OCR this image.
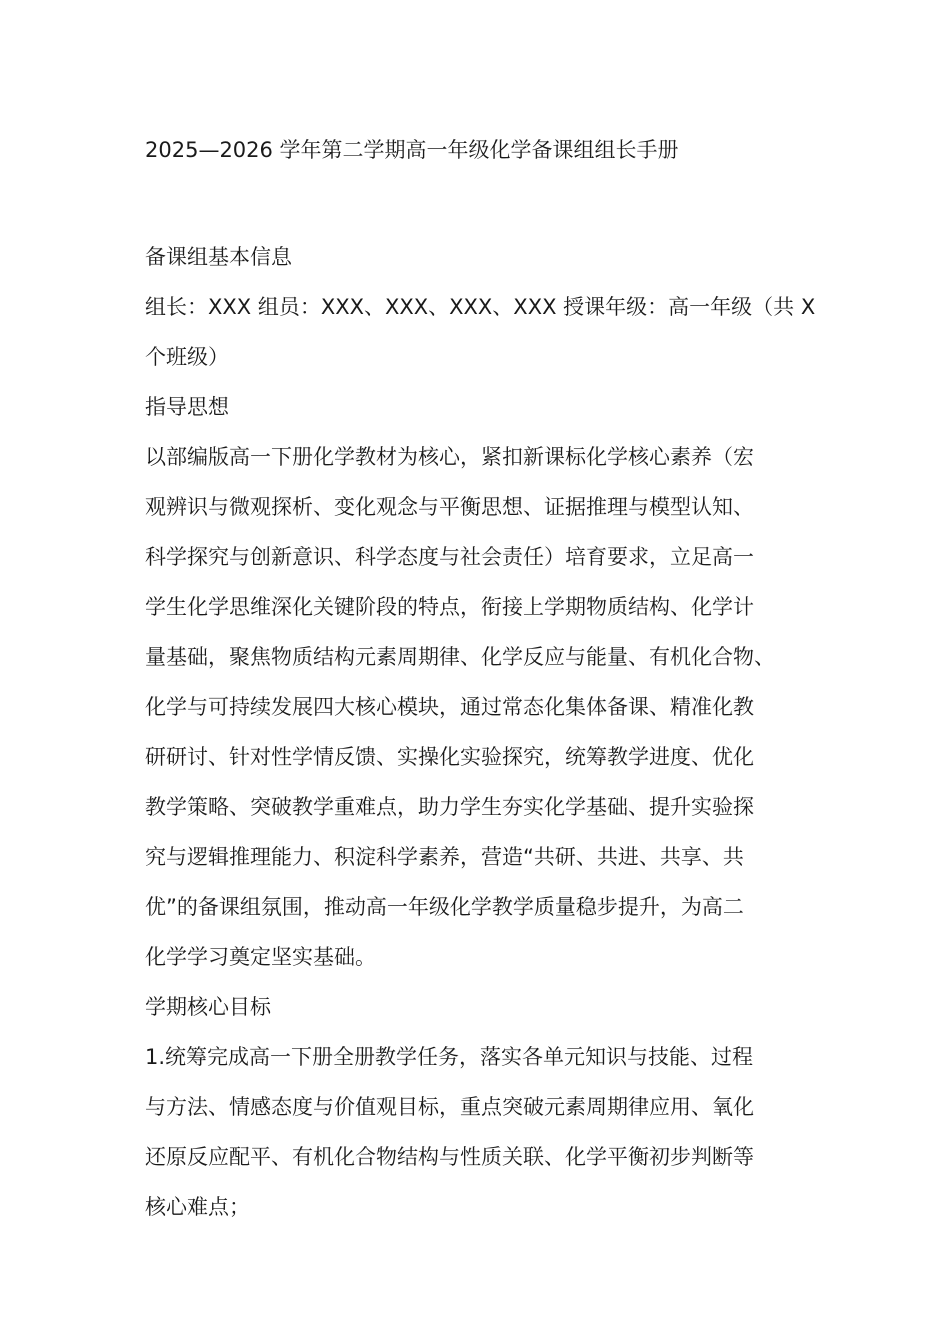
2025—2026 学年第二学期高一年级化学备课组组长手册

备课组基本信息

组长：XXX 组员：XXX、XXX、XXX、XXX 授课年级：高一年级（共 X

个班级）

指导思想

以部编版高一下册化学教材为核心，紧扣新课标化学核心素养（宏

观辨识与微观探析、变化观念与平衡思想、证据推理与模型认知、

科学探究与创新意识、科学态度与社会责任）培育要求，立足高一

学生化学思维深化关键阶段的特点，衔接上学期物质结构、化学计

量基础，聚焦物质结构元素周期律、化学反应与能量、有机化合物、

化学与可持续发展四大核心模块，通过常态化集体备课、精准化教

研研讨、针对性学情反馈、实操化实验探究，统筹教学进度、优化

教学策略、突破教学重难点，助力学生夯实化学基础、提升实验探

究与逻辑推理能力、积淀科学素养，营造“共研、共进、共享、共

优”的备课组氛围，推动高一年级化学教学质量稳步提升，为高二

化学学习奠定坚实基础。

学期核心目标

1.统筹完成高一下册全册教学任务，落实各单元知识与技能、过程

与方法、情感态度与价值观目标，重点突破元素周期律应用、氧化

还原反应配平、有机化合物结构与性质关联、化学平衡初步判断等

核心难点；
